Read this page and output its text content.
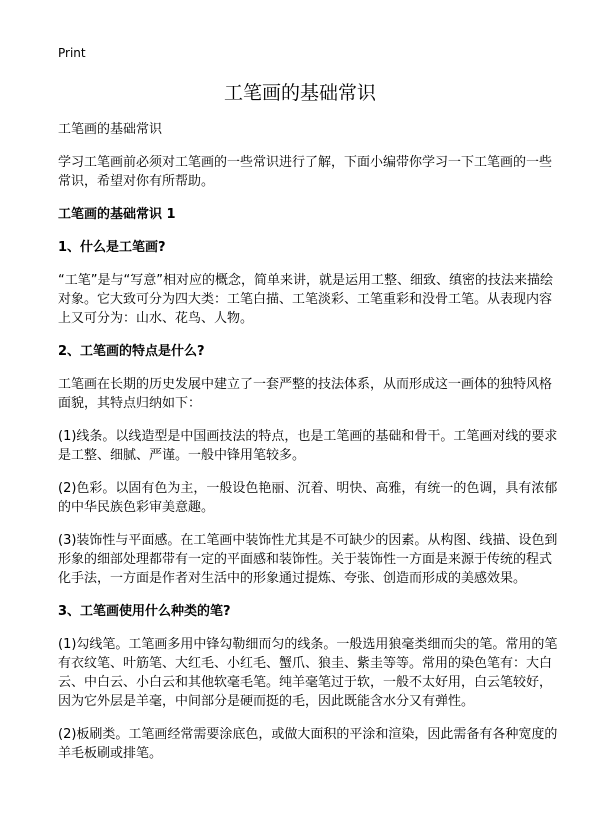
Print
工笔画的基础常识

工笔画的基础常识

学习工笔画前必须对工笔画的一些常识进行了解，下面小编带你学习一下工笔画的一些常识，希望对你有所帮助。

工笔画的基础常识 1
1、什么是工笔画?

“工笔”是与“写意”相对应的概念，简单来讲，就是运用工整、细致、缜密的技法来描绘对象。它大致可分为四大类：工笔白描、工笔淡彩、工笔重彩和没骨工笔。从表现内容上又可分为：山水、花鸟、人物。

2、工笔画的特点是什么?

工笔画在长期的历史发展中建立了一套严整的技法体系，从而形成这一画体的独特风格面貌，其特点归纳如下：

(1)线条。以线造型是中国画技法的特点，也是工笔画的基础和骨干。工笔画对线的要求是工整、细腻、严谨。一般中锋用笔较多。

(2)色彩。以固有色为主，一般设色艳丽、沉着、明快、高雅，有统一的色调，具有浓郁的中华民族色彩审美意趣。

(3)装饰性与平面感。在工笔画中装饰性尤其是不可缺少的因素。从构图、线描、设色到形象的细部处理都带有一定的平面感和装饰性。关于装饰性一方面是来源于传统的程式化手法，一方面是作者对生活中的形象通过提炼、夸张、创造而形成的美感效果。

3、工笔画使用什么种类的笔?

(1)勾线笔。工笔画多用中锋勾勒细而匀的线条。一般选用狼毫类细而尖的笔。常用的笔有衣纹笔、叶筋笔、大红毛、小红毛、蟹爪、狼圭、紫圭等等。常用的染色笔有：大白云、中白云、小白云和其他软毫毛笔。纯羊毫笔过于软，一般不太好用，白云笔较好，因为它外层是羊毫，中间部分是硬而挺的毛，因此既能含水分又有弹性。

(2)板刷类。工笔画经常需要涂底色，或做大面积的平涂和渲染，因此需备有各种宽度的羊毛板刷或排笔。
